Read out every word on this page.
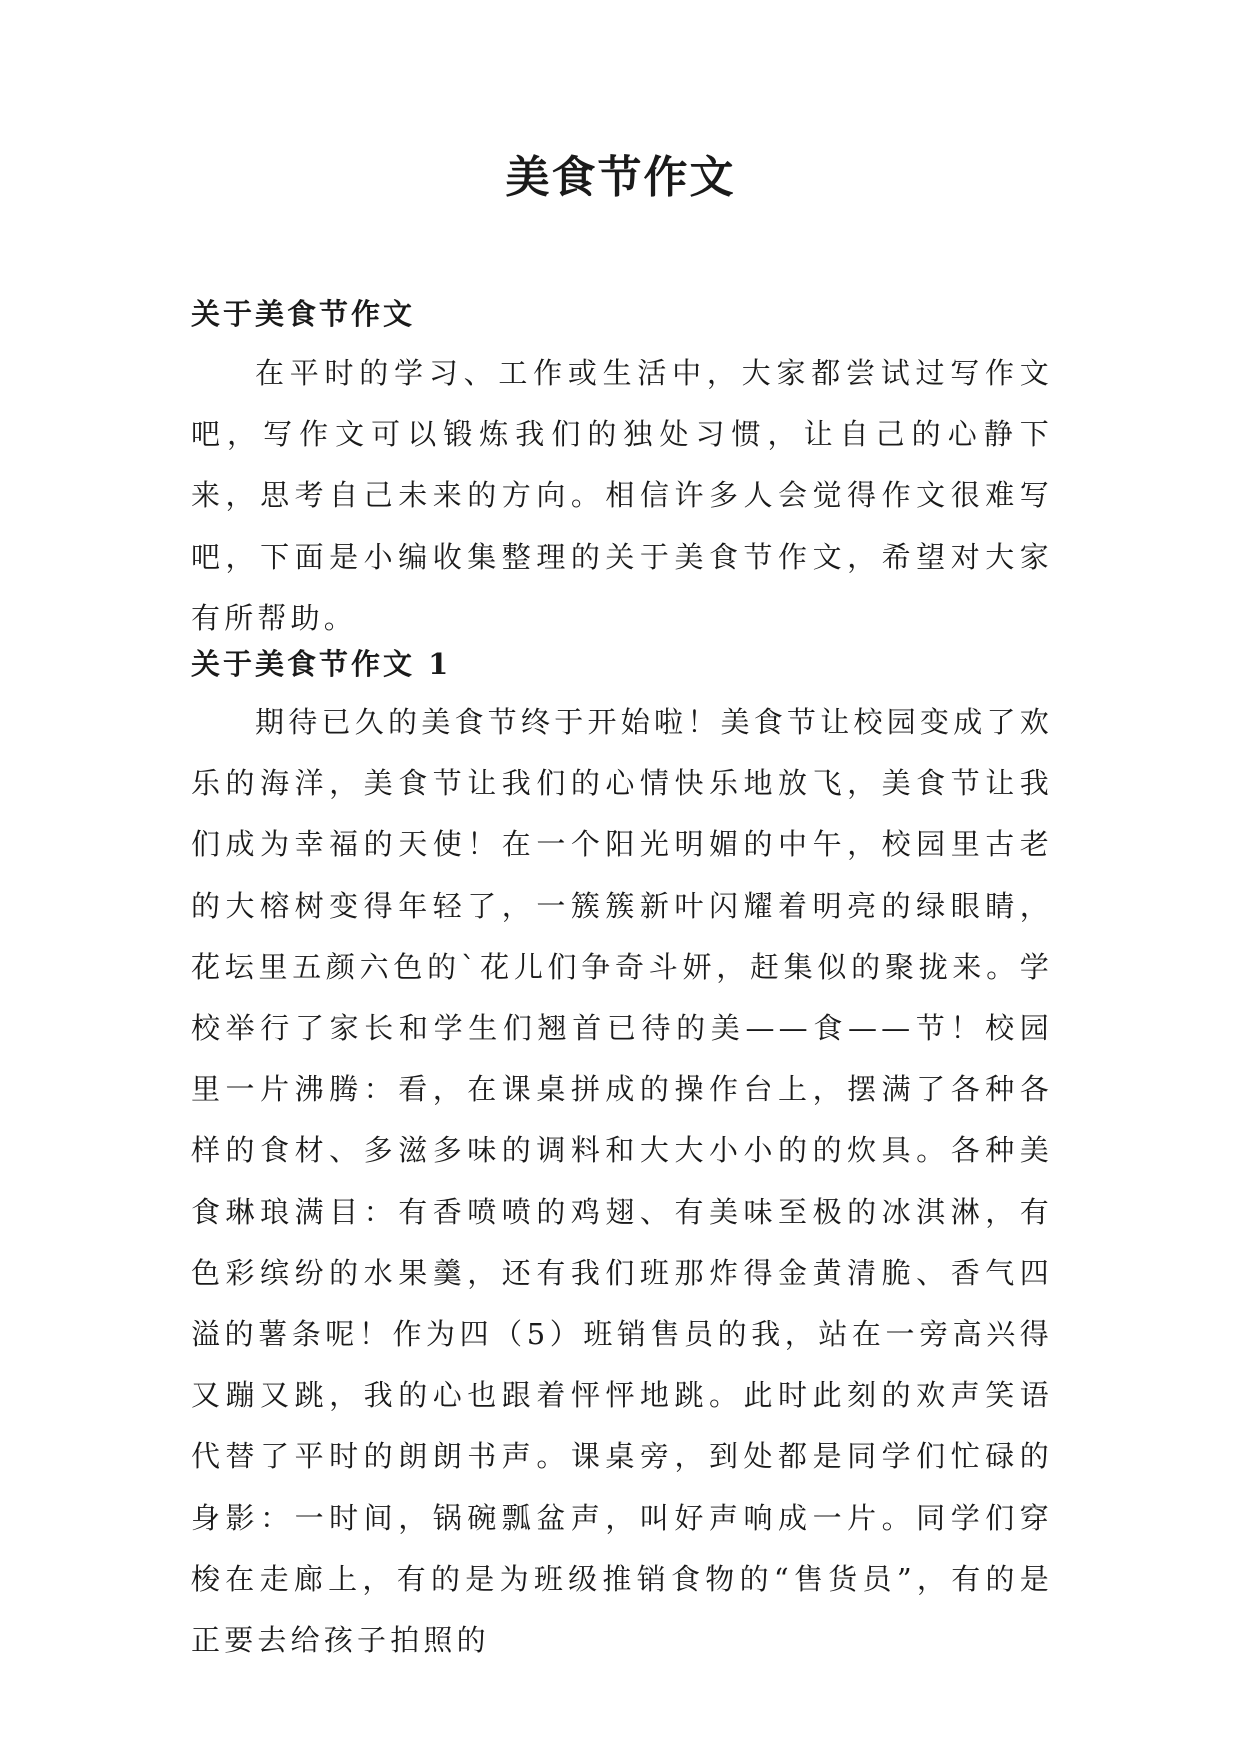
美食节作文
关于美食节作文

在平时的学习、工作或生活中，大家都尝试过写作文吧，写作文可以锻炼我们的独处习惯，让自己的心静下来，思考自己未来的方向。相信许多人会觉得作文很难写吧，下面是小编收集整理的关于美食节作文，希望对大家有所帮助。

关于美食节作文 1

期待已久的美食节终于开始啦！美食节让校园变成了欢乐的海洋，美食节让我们的心情快乐地放飞，美食节让我们成为幸福的天使！在一个阳光明媚的中午，校园里古老的大榕树变得年轻了，一簇簇新叶闪耀着明亮的绿眼睛，花坛里五颜六色的`花儿们争奇斗妍，赶集似的聚拢来。学校举行了家长和学生们翘首已待的美——食——节！校园里一片沸腾：看，在课桌拼成的操作台上，摆满了各种各样的食材、多滋多味的调料和大大小小的的炊具。各种美食琳琅满目：有香喷喷的鸡翅、有美味至极的冰淇淋，有色彩缤纷的水果羹，还有我们班那炸得金黄清脆、香气四溢的薯条呢！作为四（5）班销售员的我，站在一旁高兴得又蹦又跳，我的心也跟着怦怦地跳。此时此刻的欢声笑语代替了平时的朗朗书声。课桌旁，到处都是同学们忙碌的身影：一时间，锅碗瓢盆声，叫好声响成一片。同学们穿梭在走廊上，有的是为班级推销食物的“售货员”，有的是正要去给孩子拍照的
